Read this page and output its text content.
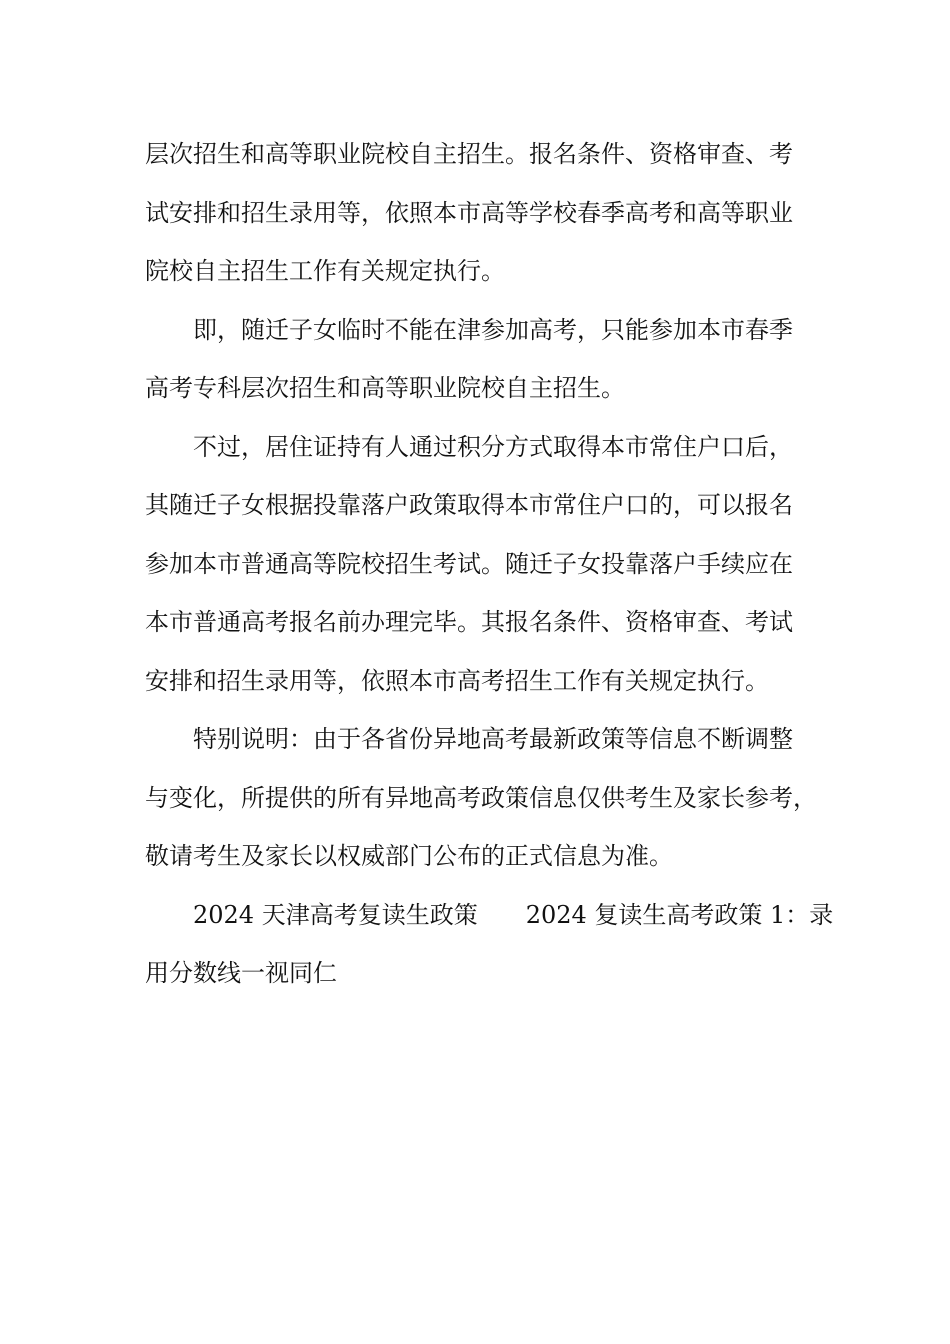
层次招生和高等职业院校自主招生。报名条件、资格审查、考
试安排和招生录用等，依照本市高等学校春季高考和高等职业
院校自主招生工作有关规定执行。

即，随迁子女临时不能在津参加高考，只能参加本市春季
高考专科层次招生和高等职业院校自主招生。

不过，居住证持有人通过积分方式取得本市常住户口后，
其随迁子女根据投靠落户政策取得本市常住户口的，可以报名
参加本市普通高等院校招生考试。随迁子女投靠落户手续应在
本市普通高考报名前办理完毕。其报名条件、资格审查、考试
安排和招生录用等，依照本市高考招生工作有关规定执行。

特别说明：由于各省份异地高考最新政策等信息不断调整
与变化，所提供的所有异地高考政策信息仅供考生及家长参考，
敬请考生及家长以权威部门公布的正式信息为准。

2024 天津高考复读生政策　　2024 复读生高考政策 1：录
用分数线一视同仁
